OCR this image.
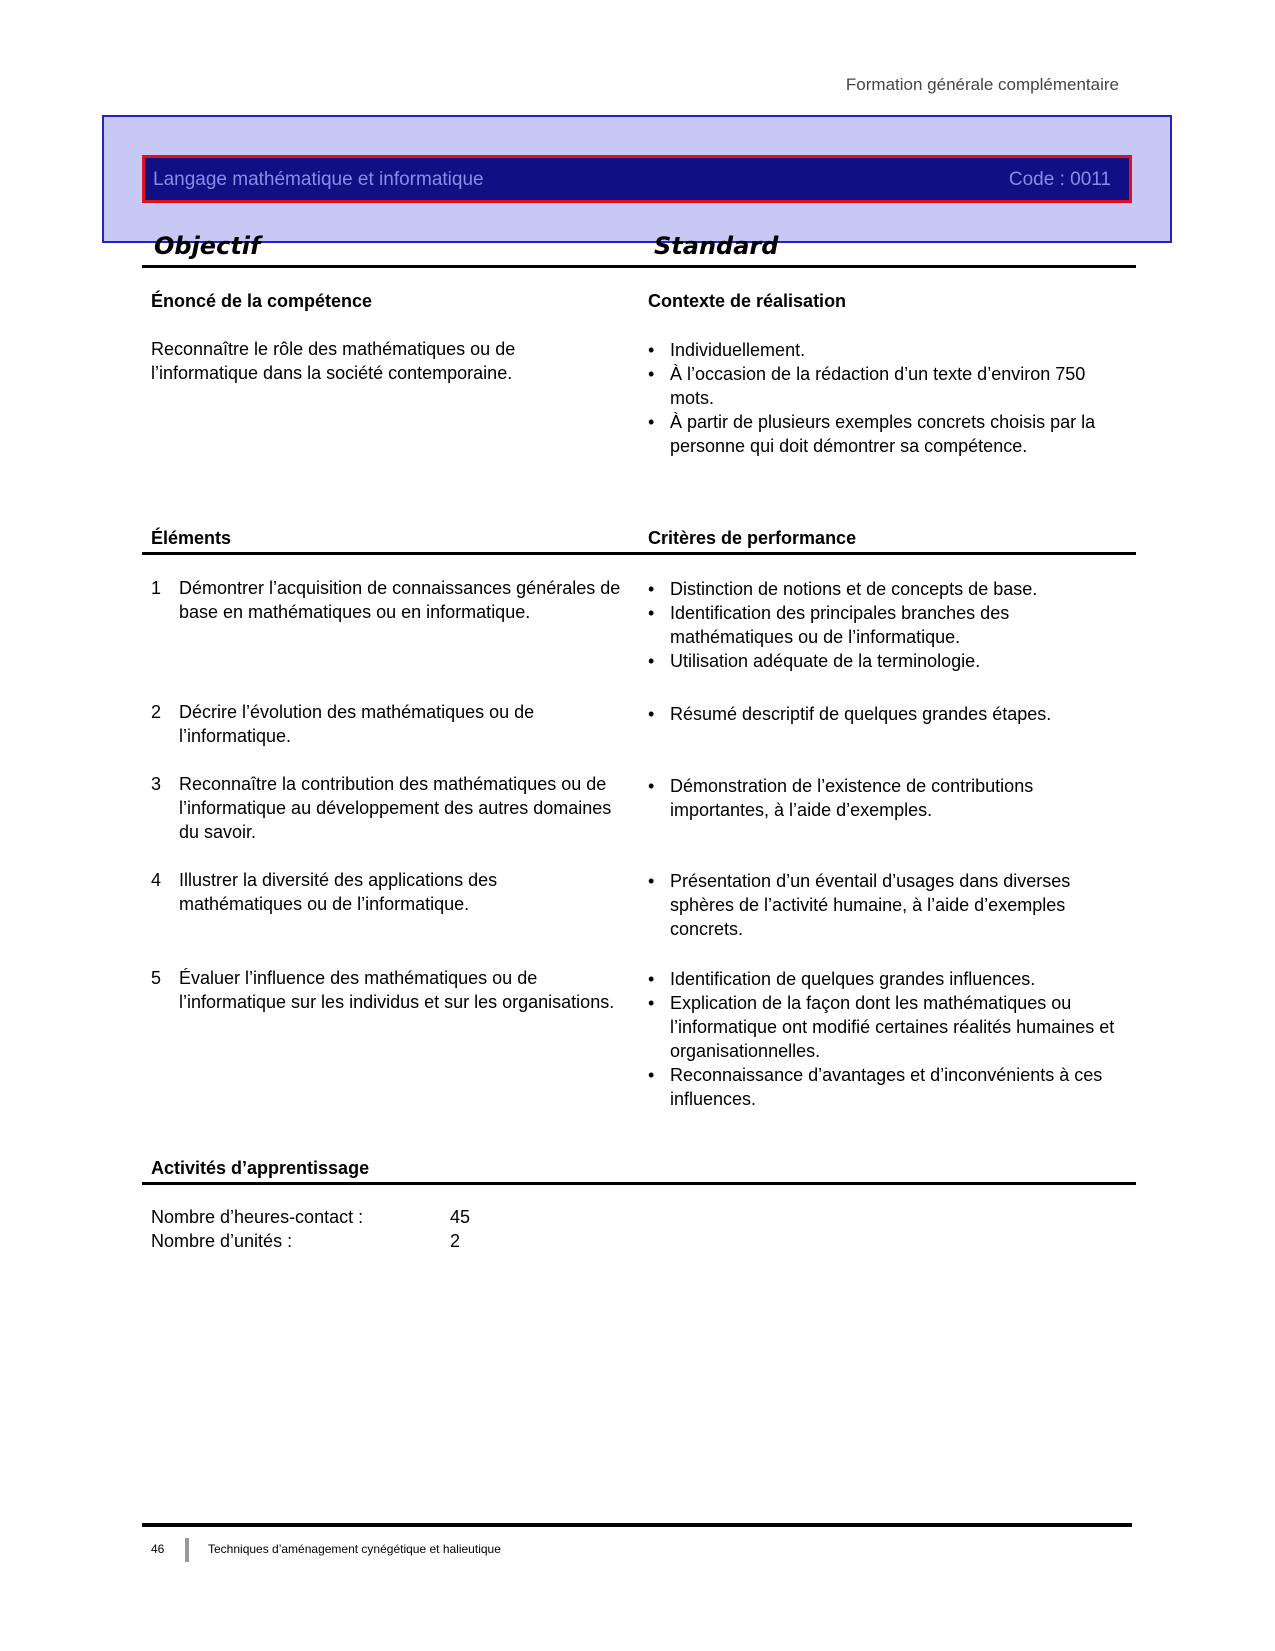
Formation générale complémentaire
Langage mathématique et informatique	Code : 0011
Objectif	Standard
Énoncé de la compétence	Contexte de réalisation
Reconnaître le rôle des mathématiques ou de l’informatique dans la société contemporaine.
• Individuellement.
• À l’occasion de la rédaction d’un texte d’environ 750 mots.
• À partir de plusieurs exemples concrets choisis par la personne qui doit démontrer sa compétence.
Éléments	Critères de performance
1 Démontrer l’acquisition de connaissances générales de base en mathématiques ou en informatique.
• Distinction de notions et de concepts de base.
• Identification des principales branches des mathématiques ou de l’informatique.
• Utilisation adéquate de la terminologie.
2 Décrire l’évolution des mathématiques ou de l’informatique.
• Résumé descriptif de quelques grandes étapes.
3 Reconnaître la contribution des mathématiques ou de l’informatique au développement des autres domaines du savoir.
• Démonstration de l’existence de contributions importantes, à l’aide d’exemples.
4 Illustrer la diversité des applications des mathématiques ou de l’informatique.
• Présentation d’un éventail d’usages dans diverses sphères de l’activité humaine, à l’aide d’exemples concrets.
5 Évaluer l’influence des mathématiques ou de l’informatique sur les individus et sur les organisations.
• Identification de quelques grandes influences.
• Explication de la façon dont les mathématiques ou l’informatique ont modifié certaines réalités humaines et organisationnelles.
• Reconnaissance d’avantages et d’inconvénients à ces influences.
Activités d’apprentissage
Nombre d’heures-contact :	45
Nombre d’unités :	2
46	Techniques d’aménagement cynégétique et halieutique
